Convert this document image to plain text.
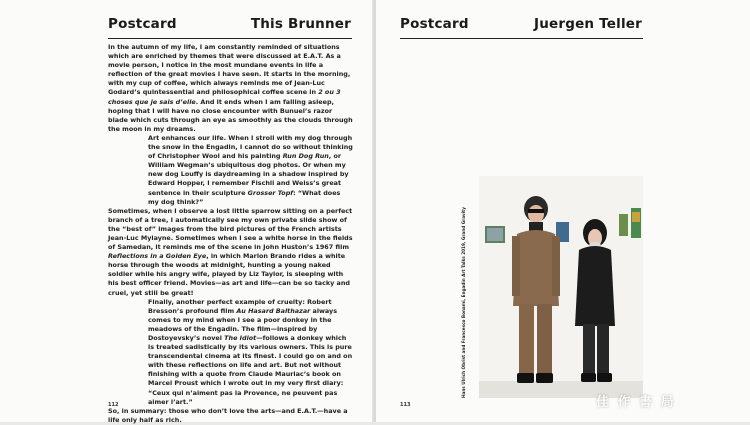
Postcard	This Brunner

In the autumn of my life, I am constantly reminded of situations which are enriched by themes that were discussed at E.A.T. As a movie person, I notice in the most mundane events in life a reflection of the great movies I have seen. It starts in the morning, with my cup of coffee, which always reminds me of Jean-Luc Godard’s quintessential and philosophical coffee scene in 2 ou 3 choses que je sais d’elle. And it ends when I am falling asleep, hoping that I will have no close encounter with Bunuel’s razor blade which cuts through an eye as smoothly as the clouds through the moon in my dreams.

Art enhances our life. When I stroll with my dog through the snow in the Engadin, I cannot do so without thinking of Christopher Wool and his painting Run Dog Run, or William Wegman’s ubiquitous dog photos. Or when my new dog Louffy is daydreaming in a shadow inspired by Edward Hopper, I remember Fischli and Weiss’s great sentence in their sculpture Grosser Topf: “What does my dog think?”

Sometimes, when I observe a lost little sparrow sitting on a perfect branch of a tree, I automatically see my own private slide show of the “best of” images from the bird pictures of the French artists Jean-Luc Mylayne. Sometimes when I see a white horse in the fields of Samedan, it reminds me of the scene in John Huston’s 1967 film Reflections in a Golden Eye, in which Marlon Brando rides a white horse through the woods at midnight, hunting a young naked soldier while his angry wife, played by Liz Taylor, is sleeping with his best officer friend. Movies—as art and life—can be so tacky and cruel, yet still be great!

Finally, another perfect example of cruelty: Robert Bresson’s profound film Au Hasard Balthazar always comes to my mind when I see a poor donkey in the meadows of the Engadin. The film—inspired by Dostoyevsky’s novel The Idiot—follows a donkey which is treated sadistically by its various owners. This is pure transcendental cinema at its finest. I could go on and on with these reflections on life and art. But not without finishing with a quote from Claude Mauriac’s book on Marcel Proust which I wrote out in my very first diary: “Ceux qui n’aiment pas la Provence, ne peuvent pas aimer l’art.”

So, in summary: those who don’t love the arts—and E.A.T.—have a life only half as rich.

112
Postcard	Juergen Teller
113
Hans Ulrich Obrist and Francesco Bonami, Engadin Art Talks 2019, Grand Gravity
佳 作 書 局
